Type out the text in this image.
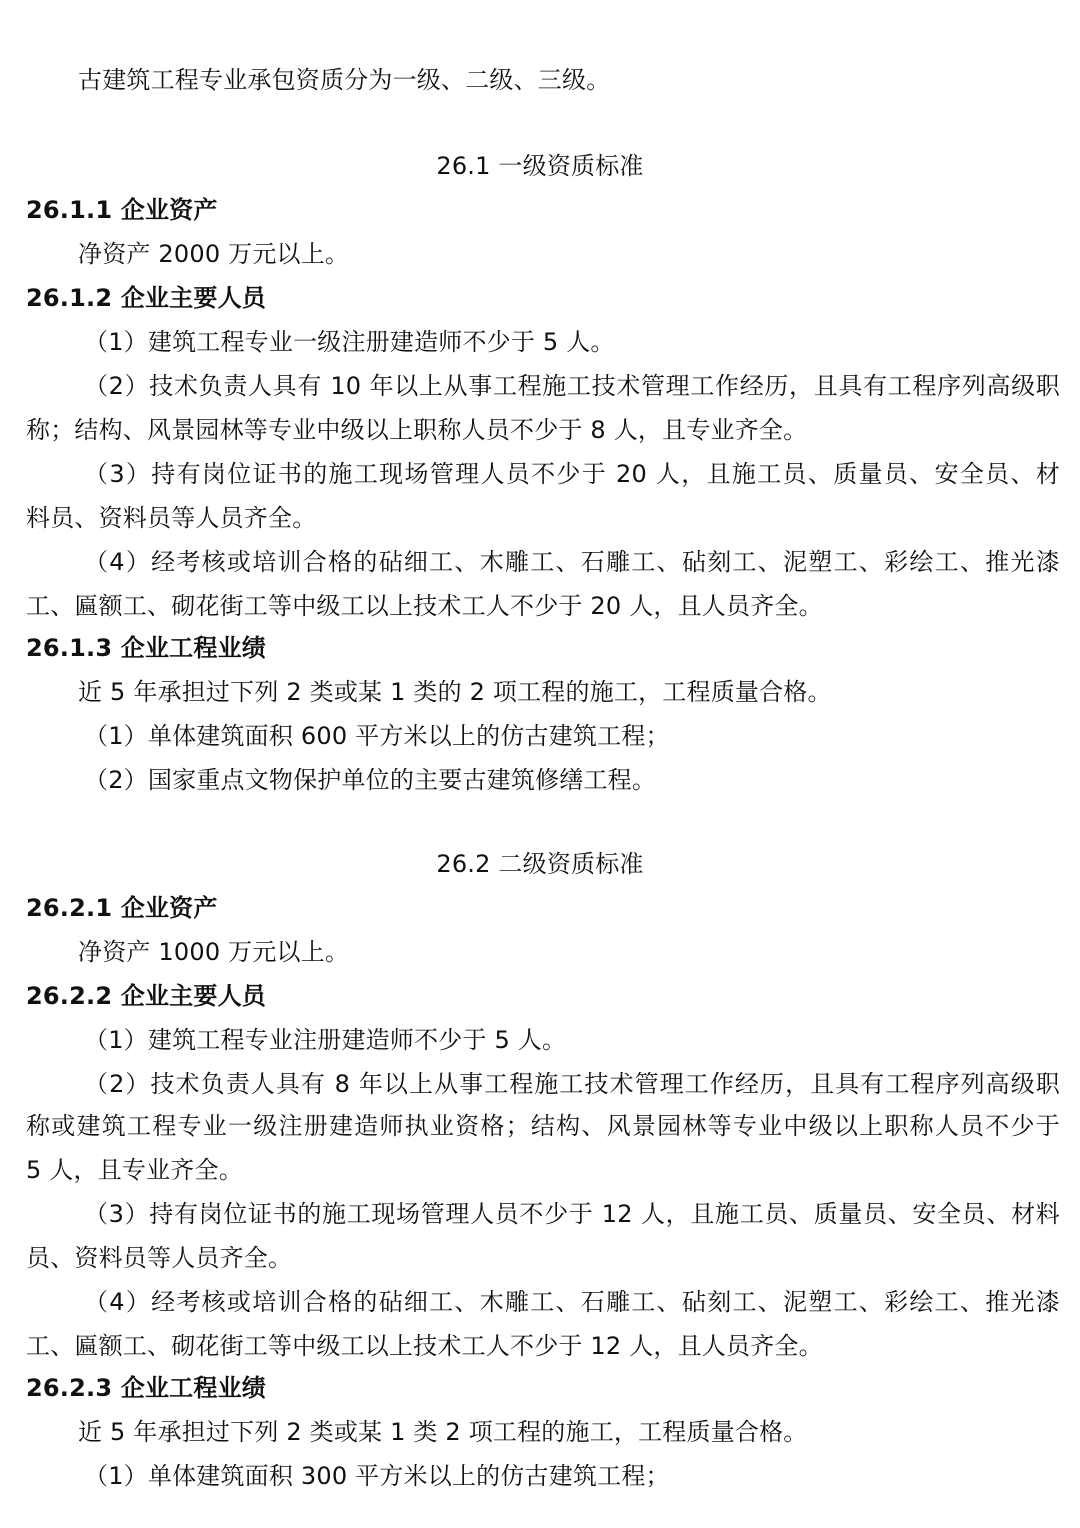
古建筑工程专业承包资质分为一级、二级、三级。
26.1 一级资质标准
26.1.1 企业资产
净资产 2000 万元以上。
26.1.2 企业主要人员
（1）建筑工程专业一级注册建造师不少于 5 人。
（2）技术负责人具有 10 年以上从事工程施工技术管理工作经历，且具有工程序列高级职
称；结构、风景园林等专业中级以上职称人员不少于 8 人，且专业齐全。
（3）持有岗位证书的施工现场管理人员不少于 20 人，且施工员、质量员、安全员、材
料员、资料员等人员齐全。
（4）经考核或培训合格的砧细工、木雕工、石雕工、砧刻工、泥塑工、彩绘工、推光漆
工、匾额工、砌花街工等中级工以上技术工人不少于 20 人，且人员齐全。
26.1.3 企业工程业绩
近 5 年承担过下列 2 类或某 1 类的 2 项工程的施工，工程质量合格。
（1）单体建筑面积 600 平方米以上的仿古建筑工程；
（2）国家重点文物保护单位的主要古建筑修缮工程。
26.2 二级资质标准
26.2.1 企业资产
净资产 1000 万元以上。
26.2.2 企业主要人员
（1）建筑工程专业注册建造师不少于 5 人。
（2）技术负责人具有 8 年以上从事工程施工技术管理工作经历，且具有工程序列高级职
称或建筑工程专业一级注册建造师执业资格；结构、风景园林等专业中级以上职称人员不少于
5 人，且专业齐全。
（3）持有岗位证书的施工现场管理人员不少于 12 人，且施工员、质量员、安全员、材料
员、资料员等人员齐全。
（4）经考核或培训合格的砧细工、木雕工、石雕工、砧刻工、泥塑工、彩绘工、推光漆
工、匾额工、砌花街工等中级工以上技术工人不少于 12 人，且人员齐全。
26.2.3 企业工程业绩
近 5 年承担过下列 2 类或某 1 类 2 项工程的施工，工程质量合格。
（1）单体建筑面积 300 平方米以上的仿古建筑工程；
